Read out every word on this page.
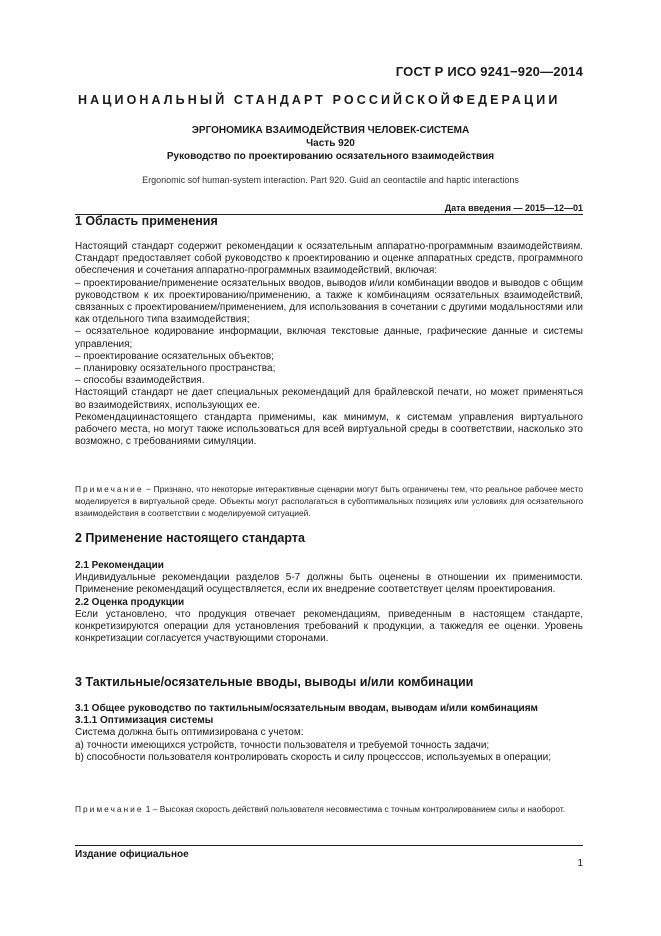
ГОСТ Р ИСО 9241−920—2014
НАЦИОНАЛЬНЫЙ СТАНДАРТ РОССИЙСКОЙФЕДЕРАЦИИ
ЭРГОНОМИКА ВЗАИМОДЕЙСТВИЯ ЧЕЛОВЕК-СИСТЕМА
Часть 920
Руководство по проектированию осязательного взаимодействия
Ergonomic sof human-system interaction. Part 920. Guid an ceontactile and haptic interactions
Дата введения — 2015—12—01
1 Область применения

Настоящий стандарт содержит рекомендации к осязательным аппаратно-программным взаимодействиям. Стандарт предоставляет собой руководство к проектированию и оценке аппаратных средств, программного обеспечения и сочетания аппаратно-программных взаимодействий, включая:

– проектирование/применение осязательных вводов, выводов и/или комбинации вводов и выводов с общим руководством к их проектированию/применению, а также к комбинациям осязательных взаимодействий, связанных с проектированием/применением, для использования в сочетании с другими модальностями или как отдельного типа взаимодействия;

– осязательное кодирование информации, включая текстовые данные, графические данные и системы управления;

– проектирование осязательных объектов;

– планировку осязательного пространства;

– способы взаимодействия.

Настоящий стандарт не дает специальных рекомендаций для брайлевской печати, но может применяться во взаимодействиях, использующих ее.

Рекомендациинастоящего стандарта применимы, как минимум, к системам управления виртуального рабочего места, но могут также использоваться для всей виртуальной среды в соответствии, насколько это возможно, с требованиями симуляции.

Примечание − Признано, что некоторые интерактивные сценарии могут быть ограничены тем, что реальное рабочее место моделируется в виртуальной среде. Объекты могут располагаться в субоптимальных позициях или условиях для осязательного взаимодействия в соответствии с моделируемой ситуацией.
2 Применение настоящего стандарта

2.1 Рекомендации

Индивидуальные рекомендации разделов 5-7 должны быть оценены в отношении их применимости. Применение рекомендаций осуществляется, если их внедрение соответствует целям проектирования.

2.2 Оценка продукции

Если установлено, что продукция отвечает рекомендациям, приведенным в настоящем стандарте, конкретизируются операции для установления требований к продукции, а такжедля ее оценки. Уровень конкретизации согласуется участвующими сторонами.

3 Тактильные/осязательные вводы, выводы и/или комбинации

3.1 Общее руководство по тактильным/осязательным вводам, выводам и/или комбинациям

3.1.1 Оптимизация системы

Система должна быть оптимизирована с учетом:

а) точности имеющихся устройств, точности пользователя и требуемой точность задачи;

b) способности пользователя контролировать скорость и силу процесссов, используемых в операции;

Примечание 1 – Высокая скорость действий пользователя несовместима с точным контролированием силы и наоборот.
Издание официальное
1
